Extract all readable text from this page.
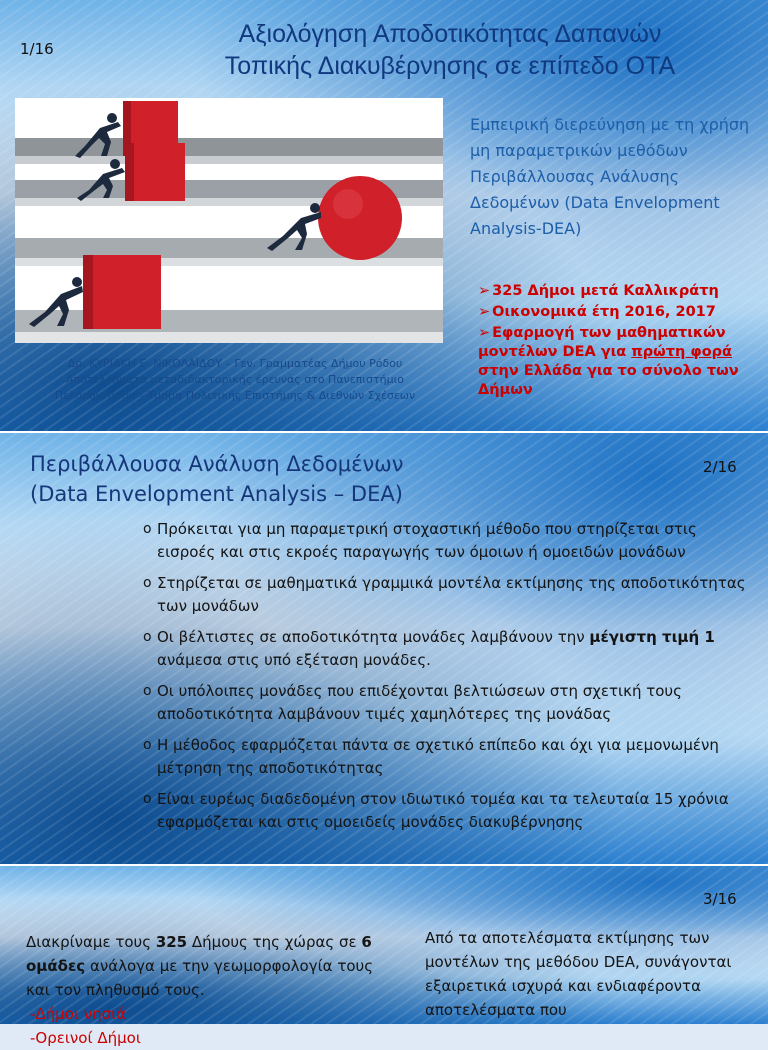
1/16
Αξιολόγηση Αποδοτικότητας Δαπανών
Τοπικής Διακυβέρνησης σε επίπεδο ΟΤΑ
Εμπειρική διερεύνηση με τη χρήση μη παραμετρικών μεθόδων Περιβάλλουσας Ανάλυσης Δεδομένων (Data Envelopment Analysis-DEA)
➢ 325 Δήμοι μετά Καλλικράτη
➢ Οικονομικά έτη 2016, 2017
➢ Εφαρμογή των μαθηματικών μοντέλων DEA για πρώτη φορά στην Ελλάδα για το σύνολο των Δήμων
Δρ. ΚΥΡΙΑΚΗ Ε. ΝΙΚΟΛΑΪΔΟΥ – Γεν. Γραμματέας Δήμου Ρόδου
Αποτελέσματα μεταδιδακτορικής έρευνας στο Πανεπιστήμιο
Πελοποννήσου – Τμήμα Πολιτικής Επιστήμης & Διεθνών Σχέσεων
Περιβάλλουσα Ανάλυση Δεδομένων
(Data Envelopment Analysis – DEA)
2/16
o Πρόκειται για μη παραμετρική στοχαστική μέθοδο που στηρίζεται στις εισροές και στις εκροές παραγωγής των όμοιων ή ομοειδών μονάδων
o Στηρίζεται σε μαθηματικά γραμμικά μοντέλα εκτίμησης της αποδοτικότητας των μονάδων
o Οι βέλτιστες σε αποδοτικότητα μονάδες λαμβάνουν την μέγιστη τιμή 1 ανάμεσα στις υπό εξέταση μονάδες.
o Οι υπόλοιπες μονάδες που επιδέχονται βελτιώσεων στη σχετική τους αποδοτικότητα λαμβάνουν τιμές χαμηλότερες της μονάδας
o Η μέθοδος εφαρμόζεται πάντα σε σχετικό επίπεδο και όχι για μεμονωμένη μέτρηση της αποδοτικότητας
o Είναι ευρέως διαδεδομένη στον ιδιωτικό τομέα και τα τελευταία 15 χρόνια εφαρμόζεται και στις ομοειδείς μονάδες διακυβέρνησης
3/16
Διακρίναμε τους 325 Δήμους της χώρας σε 6 ομάδες ανάλογα με την γεωμορφολογία τους και τον πληθυσμό τους.
-Δήμοι νησιά
-Ορεινοί Δήμοι
Από τα αποτελέσματα εκτίμησης των μοντέλων της μεθόδου DEA, συνάγονται εξαιρετικά ισχυρά και ενδιαφέροντα αποτελέσματα που
